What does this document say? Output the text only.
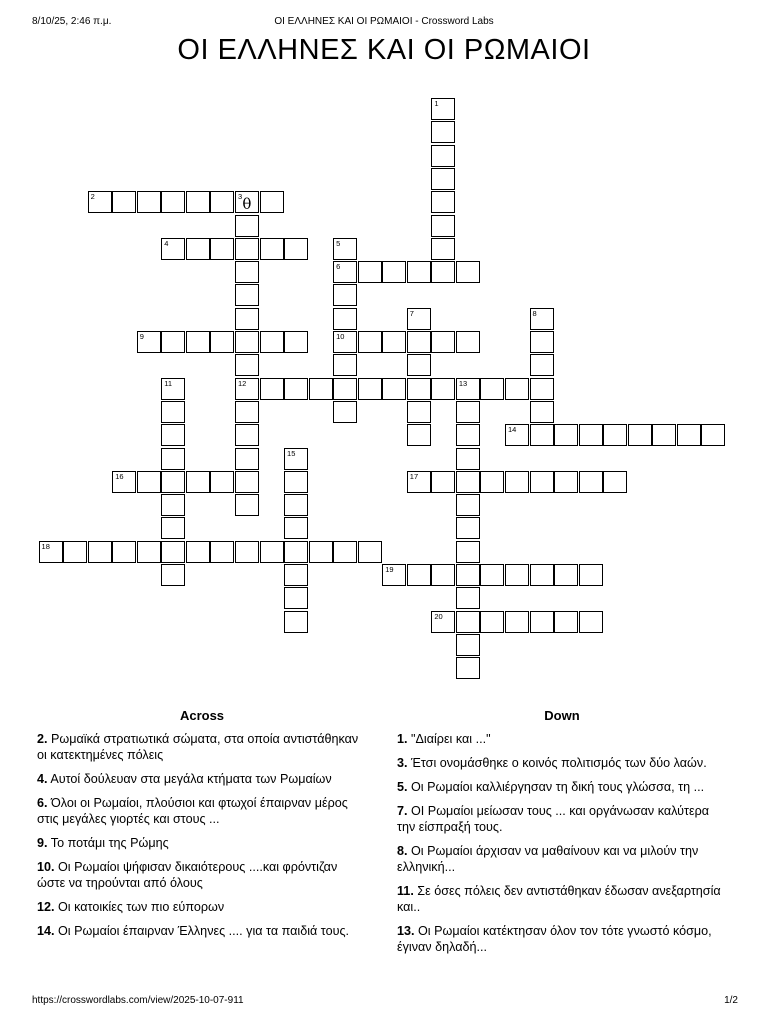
8/10/25, 2:46 π.μ.	ΟΙ ΕΛΛΗΝΕΣ ΚΑΙ ΟΙ ΡΩΜΑΙΟΙ - Crossword Labs
ΟΙ ΕΛΛΗΝΕΣ ΚΑΙ ΟΙ ΡΩΜΑΙΟΙ
1
2	3 θ
12
4	5
6
10
7	8
9
11	13
14
15
16	17
18
19
20
Across
2. Ρωμαϊκά στρατιωτικά σώματα, στα οποία αντιστάθηκαν οι κατεκτημένες πόλεις
4. Αυτοί δούλευαν στα μεγάλα κτήματα των Ρωμαίων
6. Όλοι οι Ρωμαίοι, πλούσιοι και φτωχοί έπαιρναν μέρος στις μεγάλες γιορτές και στους ...
9. Το ποτάμι της Ρώμης
10. Οι Ρωμαίοι ψήφισαν δικαιότερους ....και φρόντιζαν ώστε να τηρούνται από όλους
12. Οι κατοικίες των πιο εύπορων
14. Οι Ρωμαίοι έπαιρναν Έλληνες .... για τα παιδιά τους.
Down
1. "Διαίρει και ..."
3. Έτσι ονομάσθηκε ο κοινός πολιτισμός των δύο λαών.
5. Οι Ρωμαίοι καλλιέργησαν τη δική τους γλώσσα, τη ...
7. ΟΙ Ρωμαίοι μείωσαν τους ... και οργάνωσαν καλύτερα την είσπραξή τους.
8. Οι Ρωμαίοι άρχισαν να μαθαίνουν και να μιλούν την ελληνική...
11. Σε όσες πόλεις δεν αντιστάθηκαν έδωσαν ανεξαρτησία και..
13. Οι Ρωμαίοι κατέκτησαν όλον τον τότε γνωστό κόσμο, έγιναν δηλαδή...
https://crosswordlabs.com/view/2025-10-07-911	1/2
